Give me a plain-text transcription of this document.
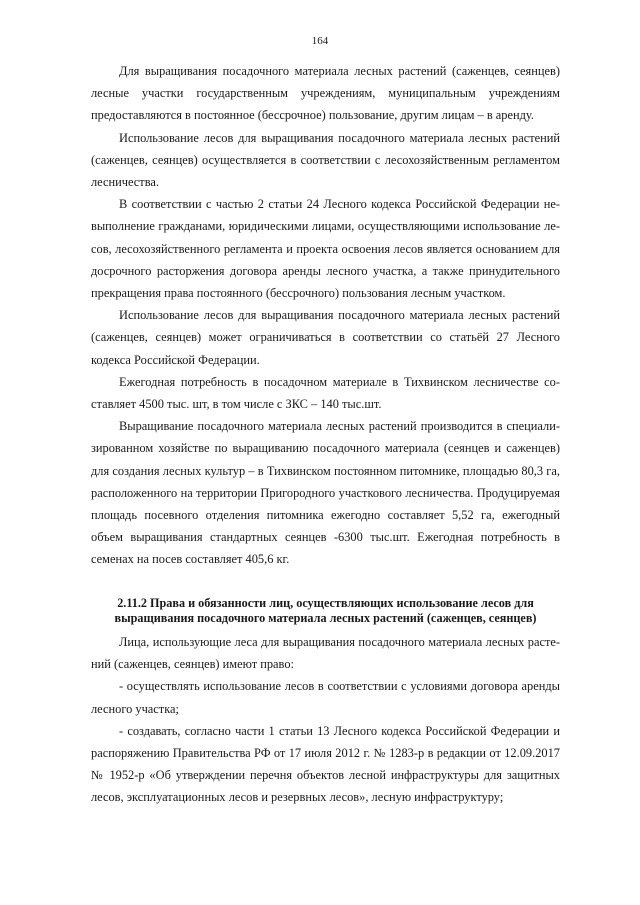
164

Для выращивания посадочного материала лесных растений (саженцев, сеянцев) лесные участки государственным учреждениям, муниципальным учреждениям предоставляются в постоянное (бессрочное) пользование, другим лицам – в аренду.

Использование лесов для выращивания посадочного материала лесных растений (саженцев, сеянцев) осуществляется в соответствии с лесохозяйственным регламентом лесничества.

В соответствии с частью 2 статьи 24 Лесного кодекса Российской Федерации невыполнение гражданами, юридическими лицами, осуществляющими использование лесов, лесохозяйственного регламента и проекта освоения лесов является основанием для досрочного расторжения договора аренды лесного участка, а также принудительного прекращения права постоянного (бессрочного) пользования лесным участком.

Использование лесов для выращивания посадочного материала лесных растений (саженцев, сеянцев) может ограничиваться в соответствии со статьёй 27 Лесного кодекса Российской Федерации.

Ежегодная потребность в посадочном материале в Тихвинском лесничестве составляет 4500 тыс. шт, в том числе с ЗКС – 140 тыс.шт.

Выращивание посадочного материала лесных растений производится в специализированном хозяйстве по выращиванию посадочного материала (сеянцев и саженцев) для создания лесных культур – в Тихвинском постоянном питомнике, площадью 80,3 га, расположенного на территории Пригородного участкового лесничества. Продуцируемая площадь посевного отделения питомника ежегодно составляет 5,52 га, ежегодный объем выращивания стандартных сеянцев -6300 тыс.шт. Ежегодная потребность в семенах на посев составляет 405,6 кг.

2.11.2 Права и обязанности лиц, осуществляющих использование лесов для
выращивания посадочного материала лесных растений (саженцев, сеянцев)

Лица, использующие леса для выращивания посадочного материала лесных растений (саженцев, сеянцев) имеют право:

- осуществлять использование лесов в соответствии с условиями договора аренды лесного участка;

- создавать, согласно части 1 статьи 13 Лесного кодекса Российской Федерации и распоряжению Правительства РФ от 17 июля 2012 г. № 1283-р в редакции от 12.09.2017 № 1952-р «Об утверждении перечня объектов лесной инфраструктуры для защитных лесов, эксплуатационных лесов и резервных лесов», лесную инфраструктуру;
